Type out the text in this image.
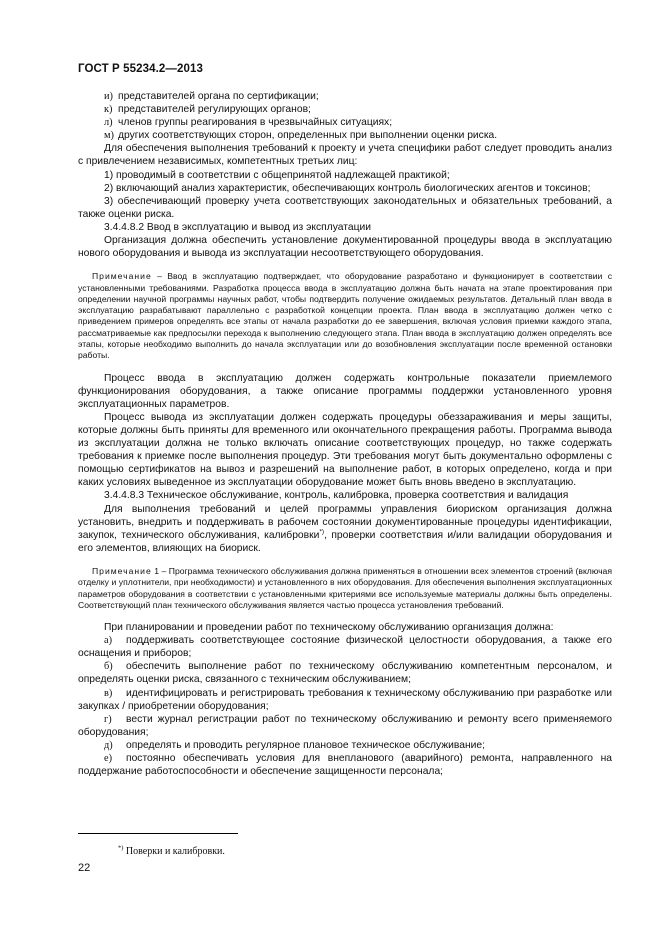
ГОСТ Р 55234.2—2013
и) представителей органа по сертификации;
к) представителей регулирующих органов;
л) членов группы реагирования в чрезвычайных ситуациях;
м) других соответствующих сторон, определенных при выполнении оценки риска.

Для обеспечения выполнения требований к проекту и учета специфики работ следует проводить анализ с привлечением независимых, компетентных третьих лиц:

1) проводимый в соответствии с общепринятой надлежащей практикой;

2) включающий анализ характеристик, обеспечивающих контроль биологических агентов и токсинов;

3) обеспечивающий проверку учета соответствующих законодательных и обязательных требований, а также оценки риска.

3.4.4.8.2 Ввод в эксплуатацию и вывод из эксплуатации

Организация должна обеспечить установление документированной процедуры ввода в эксплуатацию нового оборудования и вывода из эксплуатации несоответствующего оборудования.

Примечание – Ввод в эксплуатацию подтверждает, что оборудование разработано и функционирует в соответствии с установленными требованиями. Разработка процесса ввода в эксплуатацию должна быть начата на этапе проектирования при определении научной программы научных работ, чтобы подтвердить получение ожидаемых результатов. Детальный план ввода в эксплуатацию разрабатывают параллельно с разработкой концепции проекта. План ввода в эксплуатацию должен четко с приведением примеров определять все этапы от начала разработки до ее завершения, включая условия приемки каждого этапа, рассматриваемые как предпосылки перехода к выполнению следующего этапа. План ввода в эксплуатацию должен определять все этапы, которые необходимо выполнить до начала эксплуатации или до возобновления эксплуатации после временной остановки работы.

Процесс ввода в эксплуатацию должен содержать контрольные показатели приемлемого функционирования оборудования, а также описание программы поддержки установленного уровня эксплуатационных параметров.

Процесс вывода из эксплуатации должен содержать процедуры обеззараживания и меры защиты, которые должны быть приняты для временного или окончательного прекращения работы. Программа вывода из эксплуатации должна не только включать описание соответствующих процедур, но также содержать требования к приемке после выполнения процедур. Эти требования могут быть документально оформлены с помощью сертификатов на вывоз и разрешений на выполнение работ, в которых определено, когда и при каких условиях выведенное из эксплуатации оборудование может быть вновь введено в эксплуатацию.

3.4.4.8.3 Техническое обслуживание, контроль, калибровка, проверка соответствия и валидация

Для выполнения требований и целей программы управления биориском организация должна установить, внедрить и поддерживать в рабочем состоянии документированные процедуры идентификации, закупок, технического обслуживания, калибровки*), проверки соответствия и/или валидации оборудования и его элементов, влияющих на биориск.

Примечание 1 – Программа технического обслуживания должна применяться в отношении всех элементов строений (включая отделку и уплотнители, при необходимости) и установленного в них оборудования. Для обеспечения выполнения эксплуатационных параметров оборудования в соответствии с установленными критериями все используемые материалы должны быть определены. Соответствующий план технического обслуживания является частью процесса установления требований.

При планировании и проведении работ по техническому обслуживанию организация должна:

а) поддерживать соответствующее состояние физической целостности оборудования, а также его оснащения и приборов;

б) обеспечить выполнение работ по техническому обслуживанию компетентным персоналом, и определять оценки риска, связанного с техническим обслуживанием;

в) идентифицировать и регистрировать требования к техническому обслуживанию при разработке или закупках / приобретении оборудования;

г) вести журнал регистрации работ по техническому обслуживанию и ремонту всего применяемого оборудования;

д) определять и проводить регулярное плановое техническое обслуживание;

е) постоянно обеспечивать условия для внепланового (аварийного) ремонта, направленного на поддержание работоспособности и обеспечение защищенности персонала;

*) Поверки и калибровки.
22
